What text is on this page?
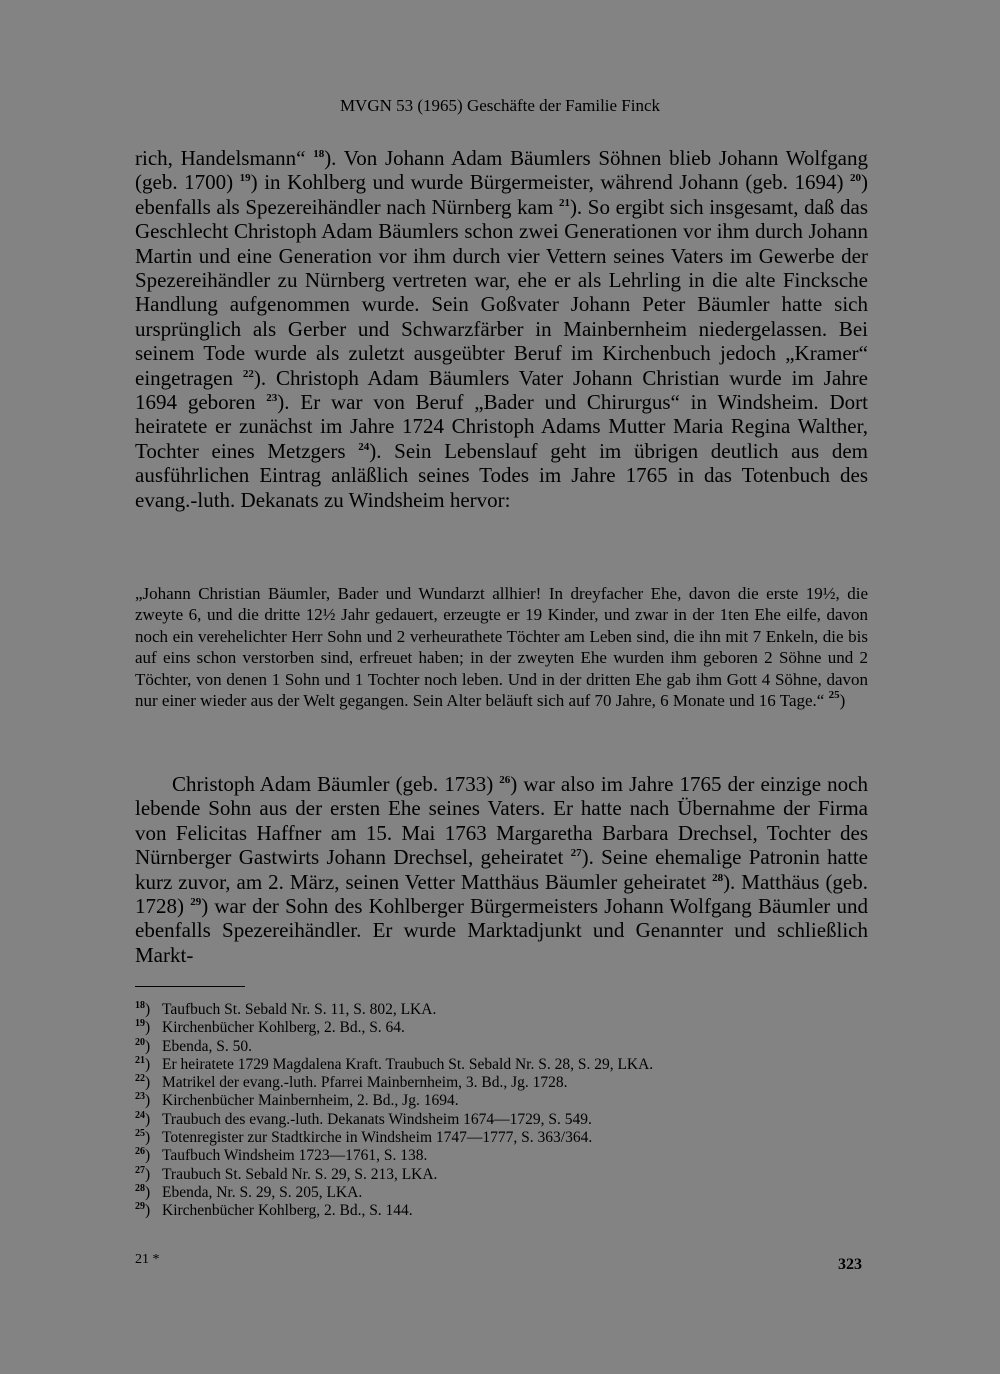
MVGN 53 (1965) Geschäfte der Familie Finck

rich, Handelsmann“ $^{18}$). Von Johann Adam Bäumlers Söhnen blieb Johann Wolfgang (geb. 1700) $^{19}$) in Kohlberg und wurde Bürgermeister, während Johann (geb. 1694) $^{20}$) ebenfalls als Spezereihändler nach Nürnberg kam $^{21}$). So ergibt sich insgesamt, daß das Geschlecht Christoph Adam Bäumlers schon zwei Generationen vor ihm durch Johann Martin und eine Generation vor ihm durch vier Vettern seines Vaters im Gewerbe der Spezereihändler zu Nürnberg vertreten war, ehe er als Lehrling in die alte Fincksche Handlung aufgenommen wurde. Sein Goßvater Johann Peter Bäumler hatte sich ursprünglich als Gerber und Schwarzfärber in Mainbernheim niedergelassen. Bei seinem Tode wurde als zuletzt ausgeübter Beruf im Kirchenbuch jedoch „Kramer“ eingetragen $^{22}$). Christoph Adam Bäumlers Vater Johann Christian wurde im Jahre 1694 geboren $^{23}$). Er war von Beruf „Bader und Chirurgus“ in Windsheim. Dort heiratete er zunächst im Jahre 1724 Christoph Adams Mutter Maria Regina Walther, Tochter eines Metzgers $^{24}$). Sein Lebenslauf geht im übrigen deutlich aus dem ausführlichen Eintrag anläßlich seines Todes im Jahre 1765 in das Totenbuch des evang.-luth. Dekanats zu Windsheim hervor:

„Johann Christian Bäumler, Bader und Wundarzt allhier! In dreyfacher Ehe, davon die erste 19½, die zweyte 6, und die dritte 12½ Jahr gedauert, erzeugte er 19 Kinder, und zwar in der 1ten Ehe eilfe, davon noch ein verehelichter Herr Sohn und 2 verheurathete Töchter am Leben sind, die ihn mit 7 Enkeln, die bis auf eins schon verstorben sind, erfreuet haben; in der zweyten Ehe wurden ihm geboren 2 Söhne und 2 Töchter, von denen 1 Sohn und 1 Tochter noch leben. Und in der dritten Ehe gab ihm Gott 4 Söhne, davon nur einer wieder aus der Welt gegangen. Sein Alter beläuft sich auf 70 Jahre, 6 Monate und 16 Tage.“ $^{25}$)

Christoph Adam Bäumler (geb. 1733) $^{26}$) war also im Jahre 1765 der einzige noch lebende Sohn aus der ersten Ehe seines Vaters. Er hatte nach Übernahme der Firma von Felicitas Haffner am 15. Mai 1763 Margaretha Barbara Drechsel, Tochter des Nürnberger Gastwirts Johann Drechsel, geheiratet $^{27}$). Seine ehemalige Patronin hatte kurz zuvor, am 2. März, seinen Vetter Matthäus Bäumler geheiratet $^{28}$). Matthäus (geb. 1728) $^{29}$) war der Sohn des Kohlberger Bürgermeisters Johann Wolfgang Bäumler und ebenfalls Spezereihändler. Er wurde Marktadjunkt und Genannter und schließlich Markt-

$^{18}$) Taufbuch St. Sebald Nr. S. 11, S. 802, LKA.
$^{19}$) Kirchenbücher Kohlberg, 2. Bd., S. 64.
$^{20}$) Ebenda, S. 50.
$^{21}$) Er heiratete 1729 Magdalena Kraft. Traubuch St. Sebald Nr. S. 28, S. 29, LKA.
$^{22}$) Matrikel der evang.-luth. Pfarrei Mainbernheim, 3. Bd., Jg. 1728.
$^{23}$) Kirchenbücher Mainbernheim, 2. Bd., Jg. 1694.
$^{24}$) Traubuch des evang.-luth. Dekanats Windsheim 1674—1729, S. 549.
$^{25}$) Totenregister zur Stadtkirche in Windsheim 1747—1777, S. 363/364.
$^{26}$) Taufbuch Windsheim 1723—1761, S. 138.
$^{27}$) Traubuch St. Sebald Nr. S. 29, S. 213, LKA.
$^{28}$) Ebenda, Nr. S. 29, S. 205, LKA.
$^{29}$) Kirchenbücher Kohlberg, 2. Bd., S. 144.
21 *	323
